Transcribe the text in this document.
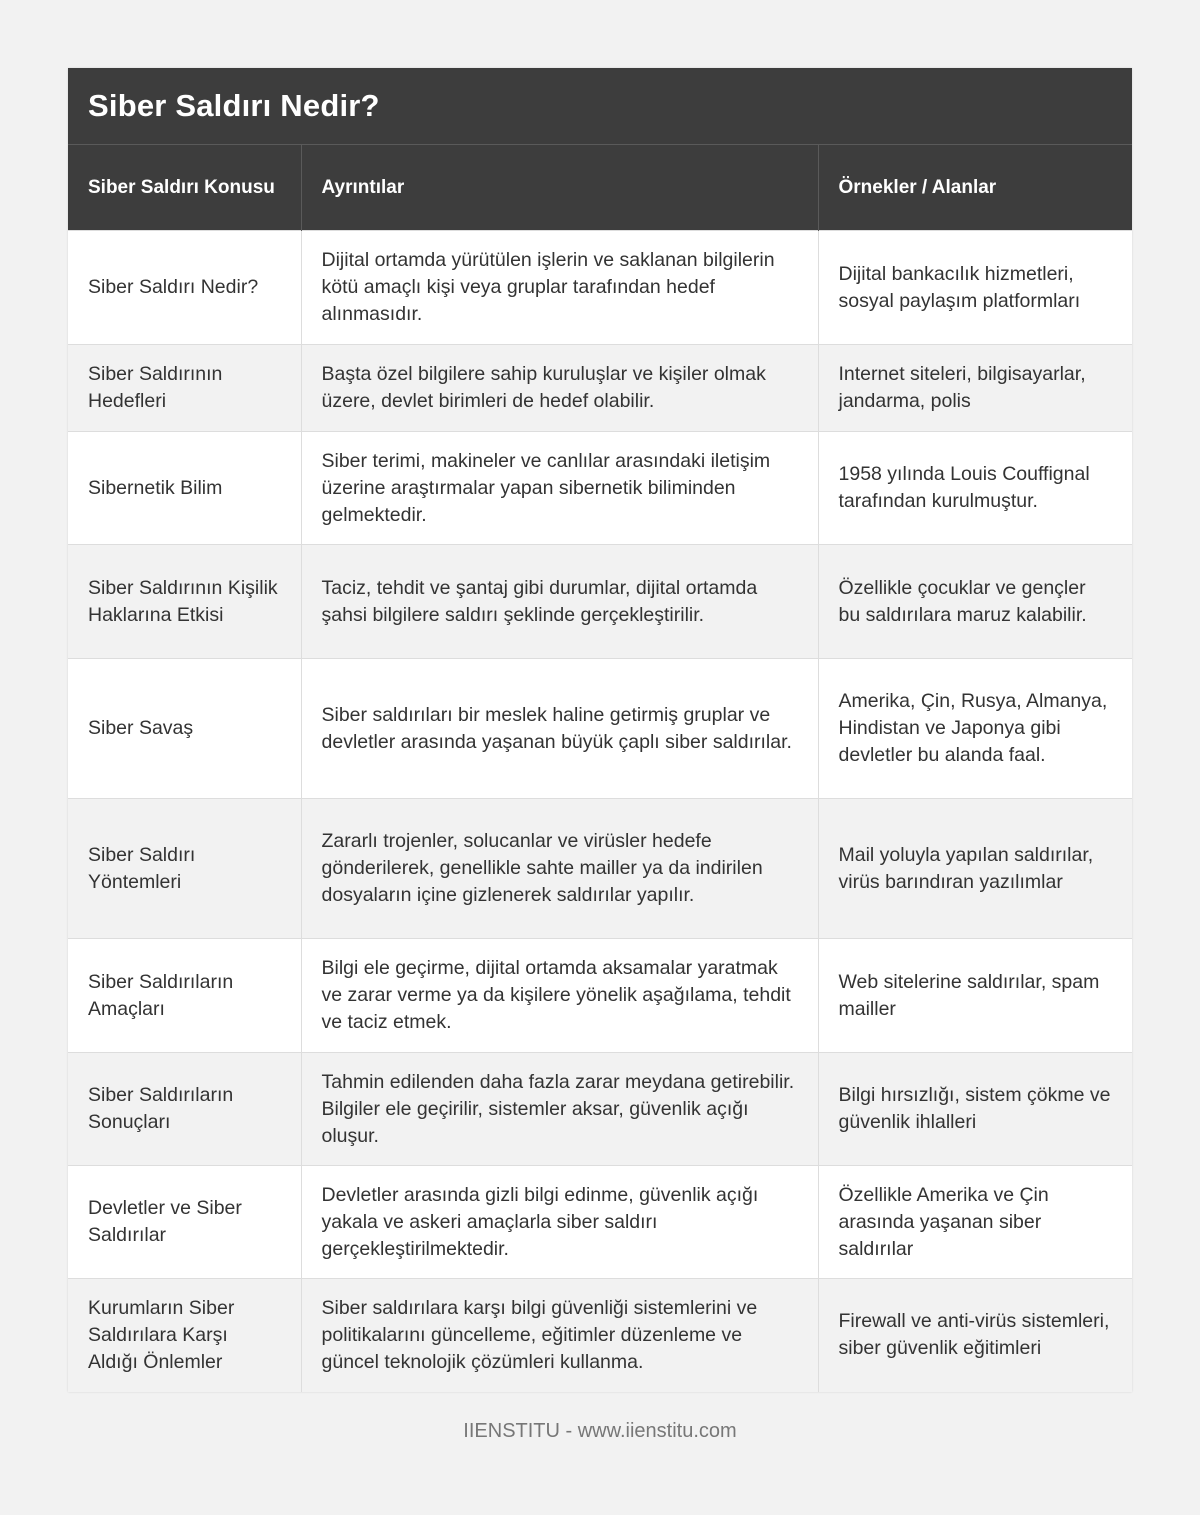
Siber Saldırı Nedir?
Siber Saldırı Konusu	Ayrıntılar	Örnekler / Alanlar
Siber Saldırı Nedir?	Dijital ortamda yürütülen işlerin ve saklanan bilgilerin kötü amaçlı kişi veya gruplar tarafından hedef alınmasıdır.	Dijital bankacılık hizmetleri, sosyal paylaşım platformları
Siber Saldırının Hedefleri	Başta özel bilgilere sahip kuruluşlar ve kişiler olmak üzere, devlet birimleri de hedef olabilir.	Internet siteleri, bilgisayarlar, jandarma, polis
Sibernetik Bilim	Siber terimi, makineler ve canlılar arasındaki iletişim üzerine araştırmalar yapan sibernetik biliminden gelmektedir.	1958 yılında Louis Couffignal tarafından kurulmuştur.
Siber Saldırının Kişilik Haklarına Etkisi	Taciz, tehdit ve şantaj gibi durumlar, dijital ortamda şahsi bilgilere saldırı şeklinde gerçekleştirilir.	Özellikle çocuklar ve gençler bu saldırılara maruz kalabilir.
Siber Savaş	Siber saldırıları bir meslek haline getirmiş gruplar ve devletler arasında yaşanan büyük çaplı siber saldırılar.	Amerika, Çin, Rusya, Almanya, Hindistan ve Japonya gibi devletler bu alanda faal.
Siber Saldırı Yöntemleri	Zararlı trojenler, solucanlar ve virüsler hedefe gönderilerek, genellikle sahte mailler ya da indirilen dosyaların içine gizlenerek saldırılar yapılır.	Mail yoluyla yapılan saldırılar, virüs barındıran yazılımlar
Siber Saldırıların Amaçları	Bilgi ele geçirme, dijital ortamda aksamalar yaratmak ve zarar verme ya da kişilere yönelik aşağılama, tehdit ve taciz etmek.	Web sitelerine saldırılar, spam mailler
Siber Saldırıların Sonuçları	Tahmin edilenden daha fazla zarar meydana getirebilir. Bilgiler ele geçirilir, sistemler aksar, güvenlik açığı oluşur.	Bilgi hırsızlığı, sistem çökme ve güvenlik ihlalleri
Devletler ve Siber Saldırılar	Devletler arasında gizli bilgi edinme, güvenlik açığı yakala ve askeri amaçlarla siber saldırı gerçekleştirilmektedir.	Özellikle Amerika ve Çin arasında yaşanan siber saldırılar
Kurumların Siber Saldırılara Karşı Aldığı Önlemler	Siber saldırılara karşı bilgi güvenliği sistemlerini ve politikalarını güncelleme, eğitimler düzenleme ve güncel teknolojik çözümleri kullanma.	Firewall ve anti-virüs sistemleri, siber güvenlik eğitimleri
IIENSTITU - www.iienstitu.com
